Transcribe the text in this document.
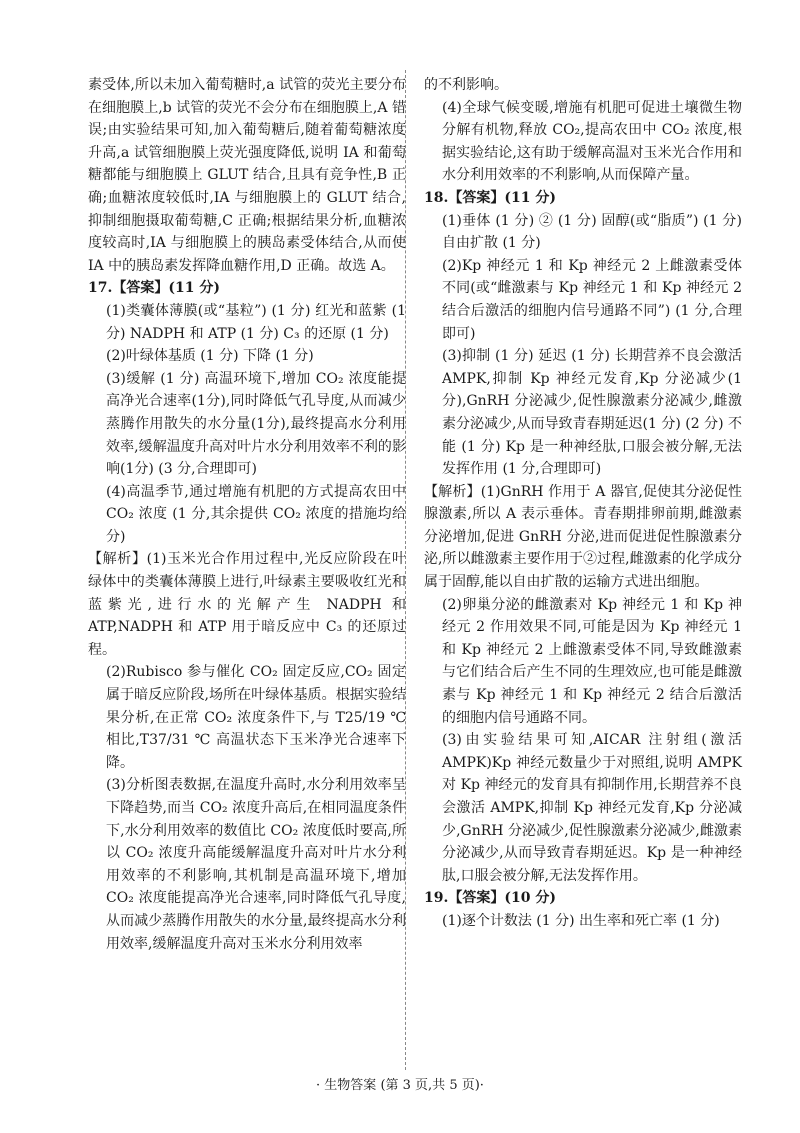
素受体,所以未加入葡萄糖时,a 试管的荧光主要分布在细胞膜上,b 试管的荧光不会分布在细胞膜上,A 错误;由实验结果可知,加入葡萄糖后,随着葡萄糖浓度升高,a 试管细胞膜上荧光强度降低,说明 IA 和葡萄糖都能与细胞膜上 GLUT 结合,且具有竞争性,B 正确;血糖浓度较低时,IA 与细胞膜上的 GLUT 结合,抑制细胞摄取葡萄糖,C 正确;根据结果分析,血糖浓度较高时,IA 与细胞膜上的胰岛素受体结合,从而使 IA 中的胰岛素发挥降血糖作用,D 正确。故选 A。

17.【答案】(11 分)

(1)类囊体薄膜(或“基粒”) (1 分) 红光和蓝紫 (1 分) NADPH 和 ATP (1 分) C₃ 的还原 (1 分)

(2)叶绿体基质 (1 分) 下降 (1 分)

(3)缓解 (1 分) 高温环境下,增加 CO₂ 浓度能提高净光合速率(1分),同时降低气孔导度,从而减少蒸腾作用散失的水分量(1分),最终提高水分利用效率,缓解温度升高对叶片水分利用效率不利的影响(1分) (3 分,合理即可)

(4)高温季节,通过增施有机肥的方式提高农田中 CO₂ 浓度 (1 分,其余提供 CO₂ 浓度的措施均给分)

【解析】(1)玉米光合作用过程中,光反应阶段在叶绿体中的类囊体薄膜上进行,叶绿素主要吸收红光和蓝紫光,进行水的光解产生 NADPH 和 ATP,NADPH 和 ATP 用于暗反应中 C₃ 的还原过程。

(2)Rubisco 参与催化 CO₂ 固定反应,CO₂ 固定属于暗反应阶段,场所在叶绿体基质。根据实验结果分析,在正常 CO₂ 浓度条件下,与 T25/19 ℃ 相比,T37/31 ℃ 高温状态下玉米净光合速率下降。

(3)分析图表数据,在温度升高时,水分利用效率呈下降趋势,而当 CO₂ 浓度升高后,在相同温度条件下,水分利用效率的数值比 CO₂ 浓度低时要高,所以 CO₂ 浓度升高能缓解温度升高对叶片水分利用效率的不利影响,其机制是高温环境下,增加 CO₂ 浓度能提高净光合速率,同时降低气孔导度,从而减少蒸腾作用散失的水分量,最终提高水分利用效率,缓解温度升高对玉米水分利用效率

的不利影响。

(4)全球气候变暖,增施有机肥可促进土壤微生物分解有机物,释放 CO₂,提高农田中 CO₂ 浓度,根据实验结论,这有助于缓解高温对玉米光合作用和水分利用效率的不利影响,从而保障产量。

18.【答案】(11 分)

(1)垂体 (1 分) ② (1 分) 固醇(或“脂质”) (1 分) 自由扩散 (1 分)

(2)Kp 神经元 1 和 Kp 神经元 2 上雌激素受体不同(或“雌激素与 Kp 神经元 1 和 Kp 神经元 2 结合后激活的细胞内信号通路不同”) (1 分,合理即可)

(3)抑制 (1 分) 延迟 (1 分) 长期营养不良会激活 AMPK,抑制 Kp 神经元发育,Kp 分泌减少(1 分),GnRH 分泌减少,促性腺激素分泌减少,雌激素分泌减少,从而导致青春期延迟(1 分) (2 分) 不能 (1 分) Kp 是一种神经肽,口服会被分解,无法发挥作用 (1 分,合理即可)

【解析】(1)GnRH 作用于 A 器官,促使其分泌促性腺激素,所以 A 表示垂体。青春期排卵前期,雌激素分泌增加,促进 GnRH 分泌,进而促进促性腺激素分泌,所以雌激素主要作用于②过程,雌激素的化学成分属于固醇,能以自由扩散的运输方式进出细胞。

(2)卵巢分泌的雌激素对 Kp 神经元 1 和 Kp 神经元 2 作用效果不同,可能是因为 Kp 神经元 1 和 Kp 神经元 2 上雌激素受体不同,导致雌激素与它们结合后产生不同的生理效应,也可能是雌激素与 Kp 神经元 1 和 Kp 神经元 2 结合后激活的细胞内信号通路不同。

(3)由实验结果可知,AICAR 注射组(激活 AMPK)Kp 神经元数量少于对照组,说明 AMPK 对 Kp 神经元的发育具有抑制作用,长期营养不良会激活 AMPK,抑制 Kp 神经元发育,Kp 分泌减少,GnRH 分泌减少,促性腺激素分泌减少,雌激素分泌减少,从而导致青春期延迟。Kp 是一种神经肽,口服会被分解,无法发挥作用。

19.【答案】(10 分)

(1)逐个计数法 (1 分) 出生率和死亡率 (1 分)

· 生物答案 (第 3 页,共 5 页)·
